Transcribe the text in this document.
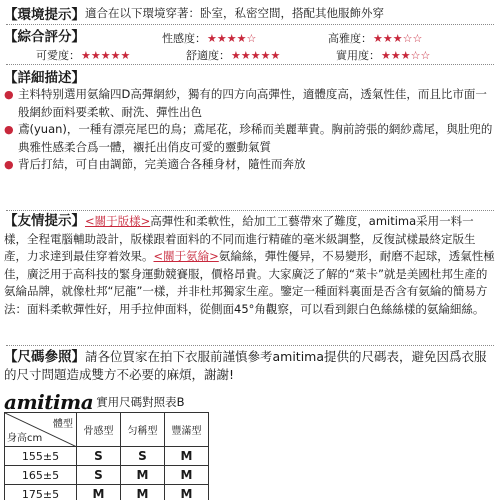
【環境提示】 適合在以下環境穿著：卧室，私密空間，搭配其他服飾外穿
【綜合評分】	性感度： ★★★★☆	高雅度： ★★★☆☆
可愛度： ★★★★★	舒適度： ★★★★★	實用度： ★★★☆☆
【詳細描述】
● 主料特别選用氨綸四D高彈網紗，獨有的四方向高彈性，適體度高，透氣性佳，而且比市面一般網紗面料要柔軟、耐洗、彈性出色
● 鳶(yuan)，一種有漂亮尾巴的鳥；鳶尾花，珍稀而美麗華貴。胸前誇張的網紗鳶尾，與肚兜的典雅性感柔合爲一體，襯托出俏皮可愛的靈動氣質
● 背后打結，可自由調節，完美適合各種身材，隨性而奔放
【友情提示】<關于版樣>高彈性和柔軟性，給加工工藝帶來了難度，amitima采用一料一樣，全程電腦輔助設計，版樣跟着面料的不同而進行精確的毫米級調整，反復試樣最終定版生產，力求達到最佳穿着效果。<關于氨綸>氨綸絲，彈性優异，不易變形，耐磨不起球，透氣性極佳，廣泛用于高科技的緊身運動競賽服，價格昂貴。大家廣泛了解的“萊卡”就是美國杜邦生產的氨綸品牌，就像杜邦“尼龍”一樣，并非杜邦獨家生産。鑒定一種面料裏面是否含有氨綸的簡易方法：面料柔軟彈性好，用手拉伸面料，從側面45°角觀察，可以看到銀白色絲絲樣的氨綸細絲。
【尺碼參照】請各位買家在拍下衣服前謹慎參考amitima提供的尺碼表，避免因爲衣服的尺寸問題造成雙方不必要的麻煩，謝謝!
amitima 實用尺碼對照表B
體型
身高cm	骨感型	匀稱型	豐滿型
155±5	S	S	M
165±5	S	M	M
175±5	M	M	M
